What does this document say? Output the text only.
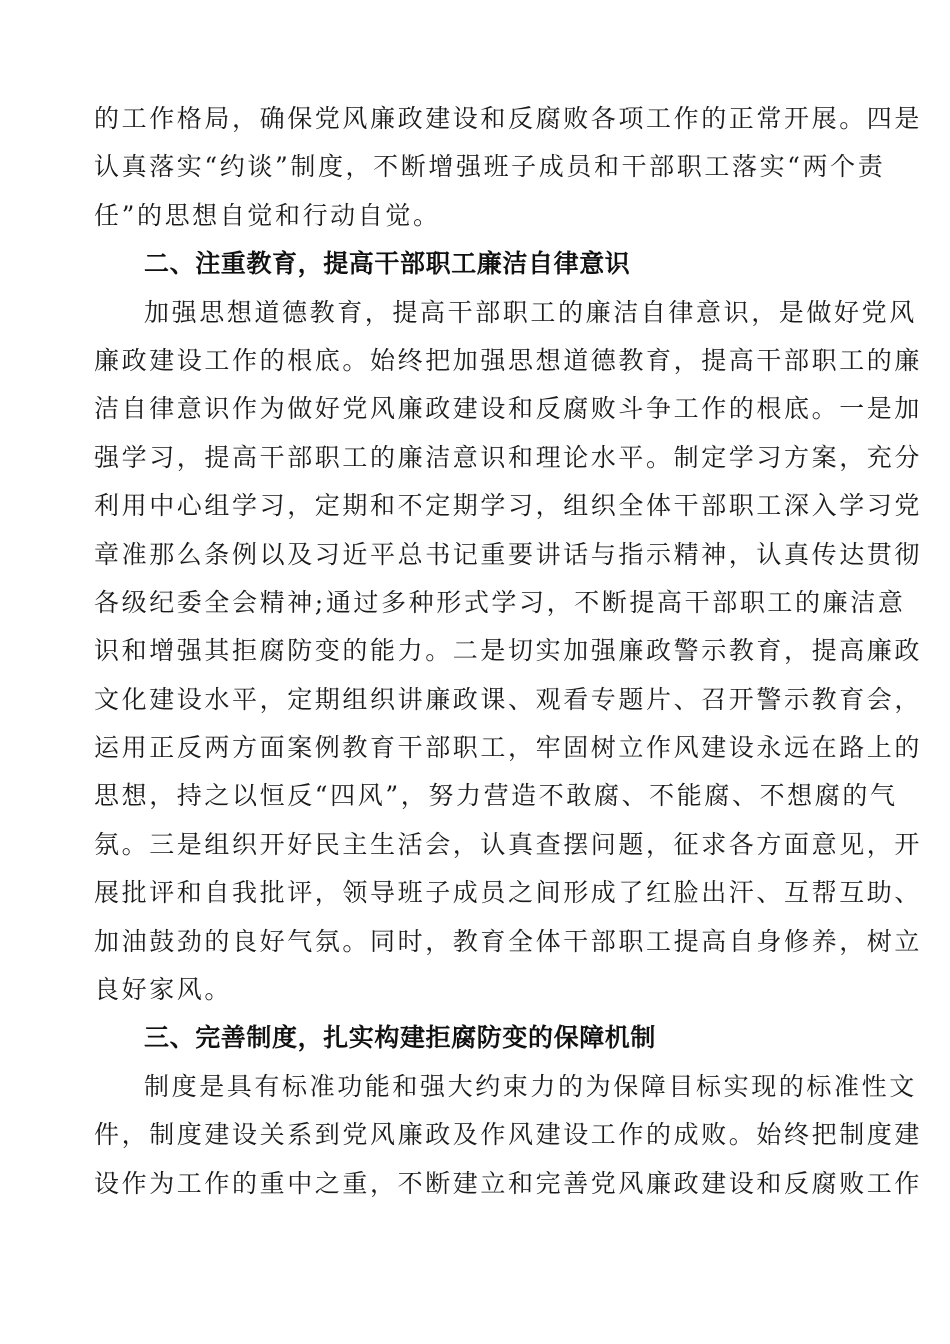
的工作格局，确保党风廉政建设和反腐败各项工作的正常开展。四是
认真落实“约谈”制度，不断增强班子成员和干部职工落实“两个责
任”的思想自觉和行动自觉。
二、注重教育，提高干部职工廉洁自律意识
加强思想道德教育，提高干部职工的廉洁自律意识，是做好党风
廉政建设工作的根底。始终把加强思想道德教育，提高干部职工的廉
洁自律意识作为做好党风廉政建设和反腐败斗争工作的根底。一是加
强学习，提高干部职工的廉洁意识和理论水平。制定学习方案，充分
利用中心组学习，定期和不定期学习，组织全体干部职工深入学习党
章准那么条例以及习近平总书记重要讲话与指示精神，认真传达贯彻
各级纪委全会精神;通过多种形式学习，不断提高干部职工的廉洁意
识和增强其拒腐防变的能力。二是切实加强廉政警示教育，提高廉政
文化建设水平，定期组织讲廉政课、观看专题片、召开警示教育会，
运用正反两方面案例教育干部职工，牢固树立作风建设永远在路上的
思想，持之以恒反“四风”，努力营造不敢腐、不能腐、不想腐的气
氛。三是组织开好民主生活会，认真查摆问题，征求各方面意见，开
展批评和自我批评，领导班子成员之间形成了红脸出汗、互帮互助、
加油鼓劲的良好气氛。同时，教育全体干部职工提高自身修养，树立
良好家风。
三、完善制度，扎实构建拒腐防变的保障机制
制度是具有标准功能和强大约束力的为保障目标实现的标准性文
件，制度建设关系到党风廉政及作风建设工作的成败。始终把制度建
设作为工作的重中之重，不断建立和完善党风廉政建设和反腐败工作
